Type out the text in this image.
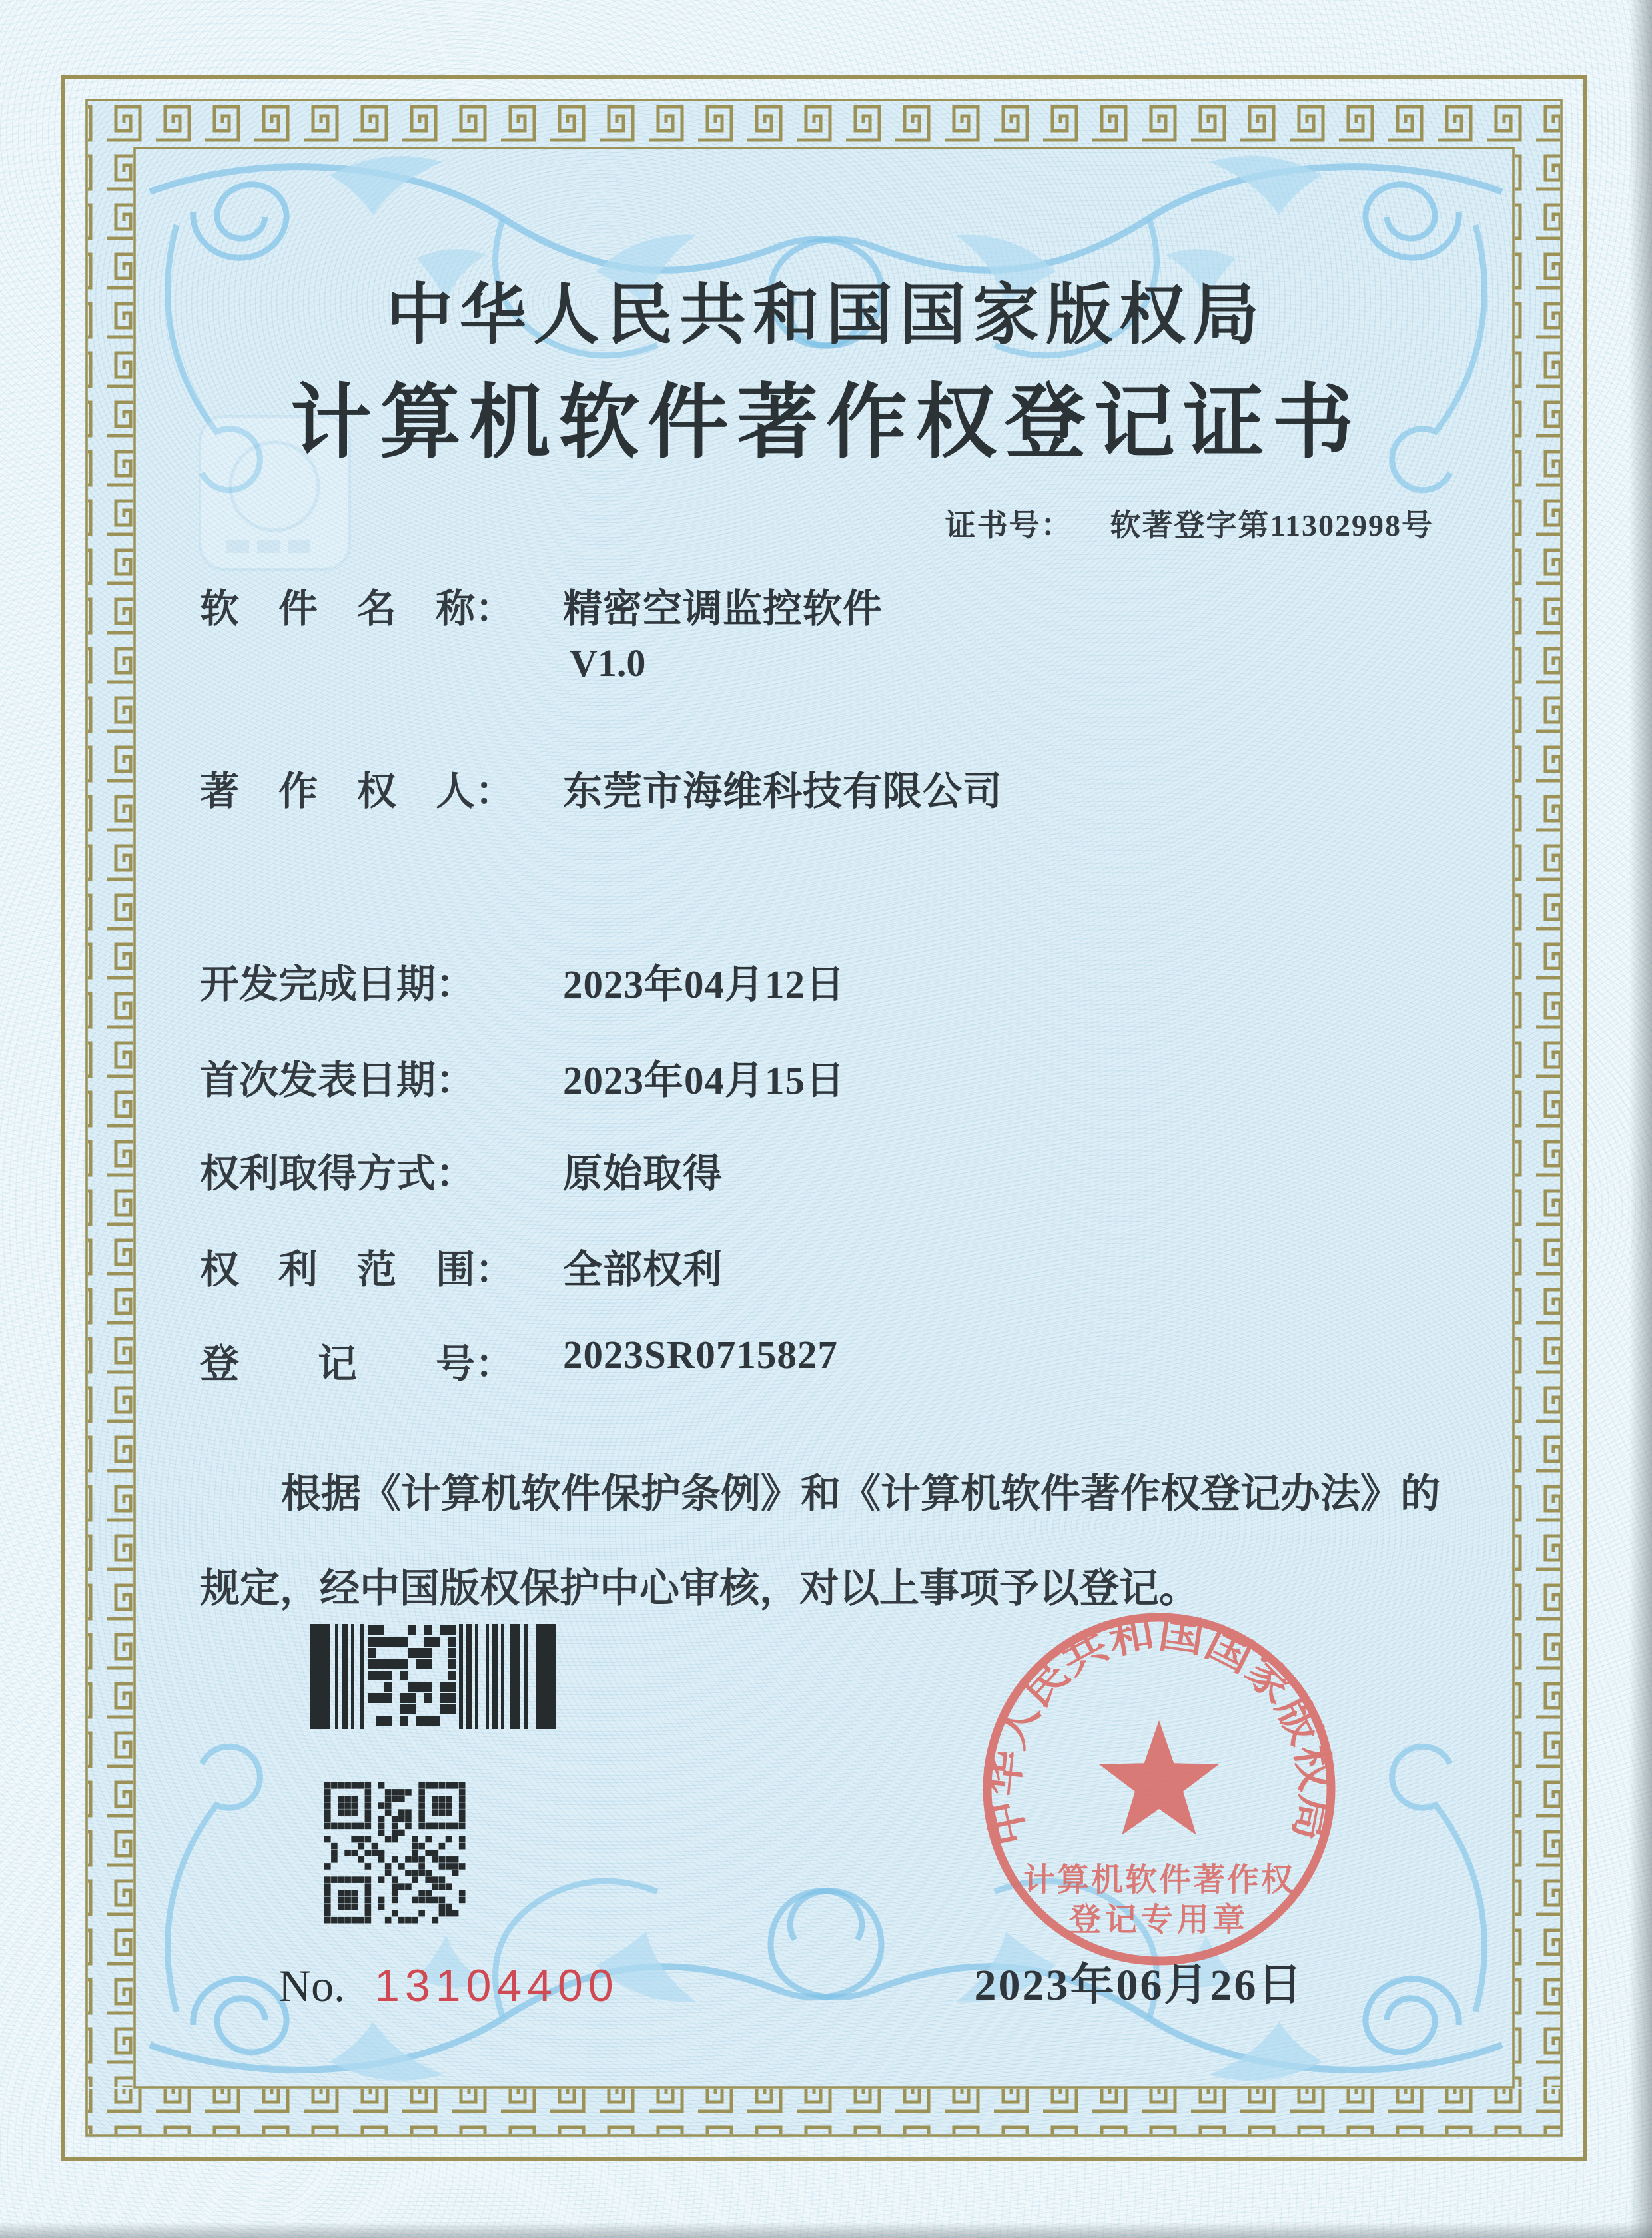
中华人民共和国国家版权局
计算机软件著作权登记证书
证书号： 软著登字第11302998号
软　件　名　称：	精密空调监控软件
V1.0
著　作　权　人：	东莞市海维科技有限公司
开发完成日期：	2023年04月12日
首次发表日期：	2023年04月15日
权利取得方式：	原始取得
权　利　范　围：	全部权利
登　　记　　号：	2023SR0715827
根据《计算机软件保护条例》和《计算机软件著作权登记办法》的
规定，经中国版权保护中心审核，对以上事项予以登记。
No. 13104400
中华人民共和国国家版权局
计算机软件著作权
登记专用章
2023年06月26日
